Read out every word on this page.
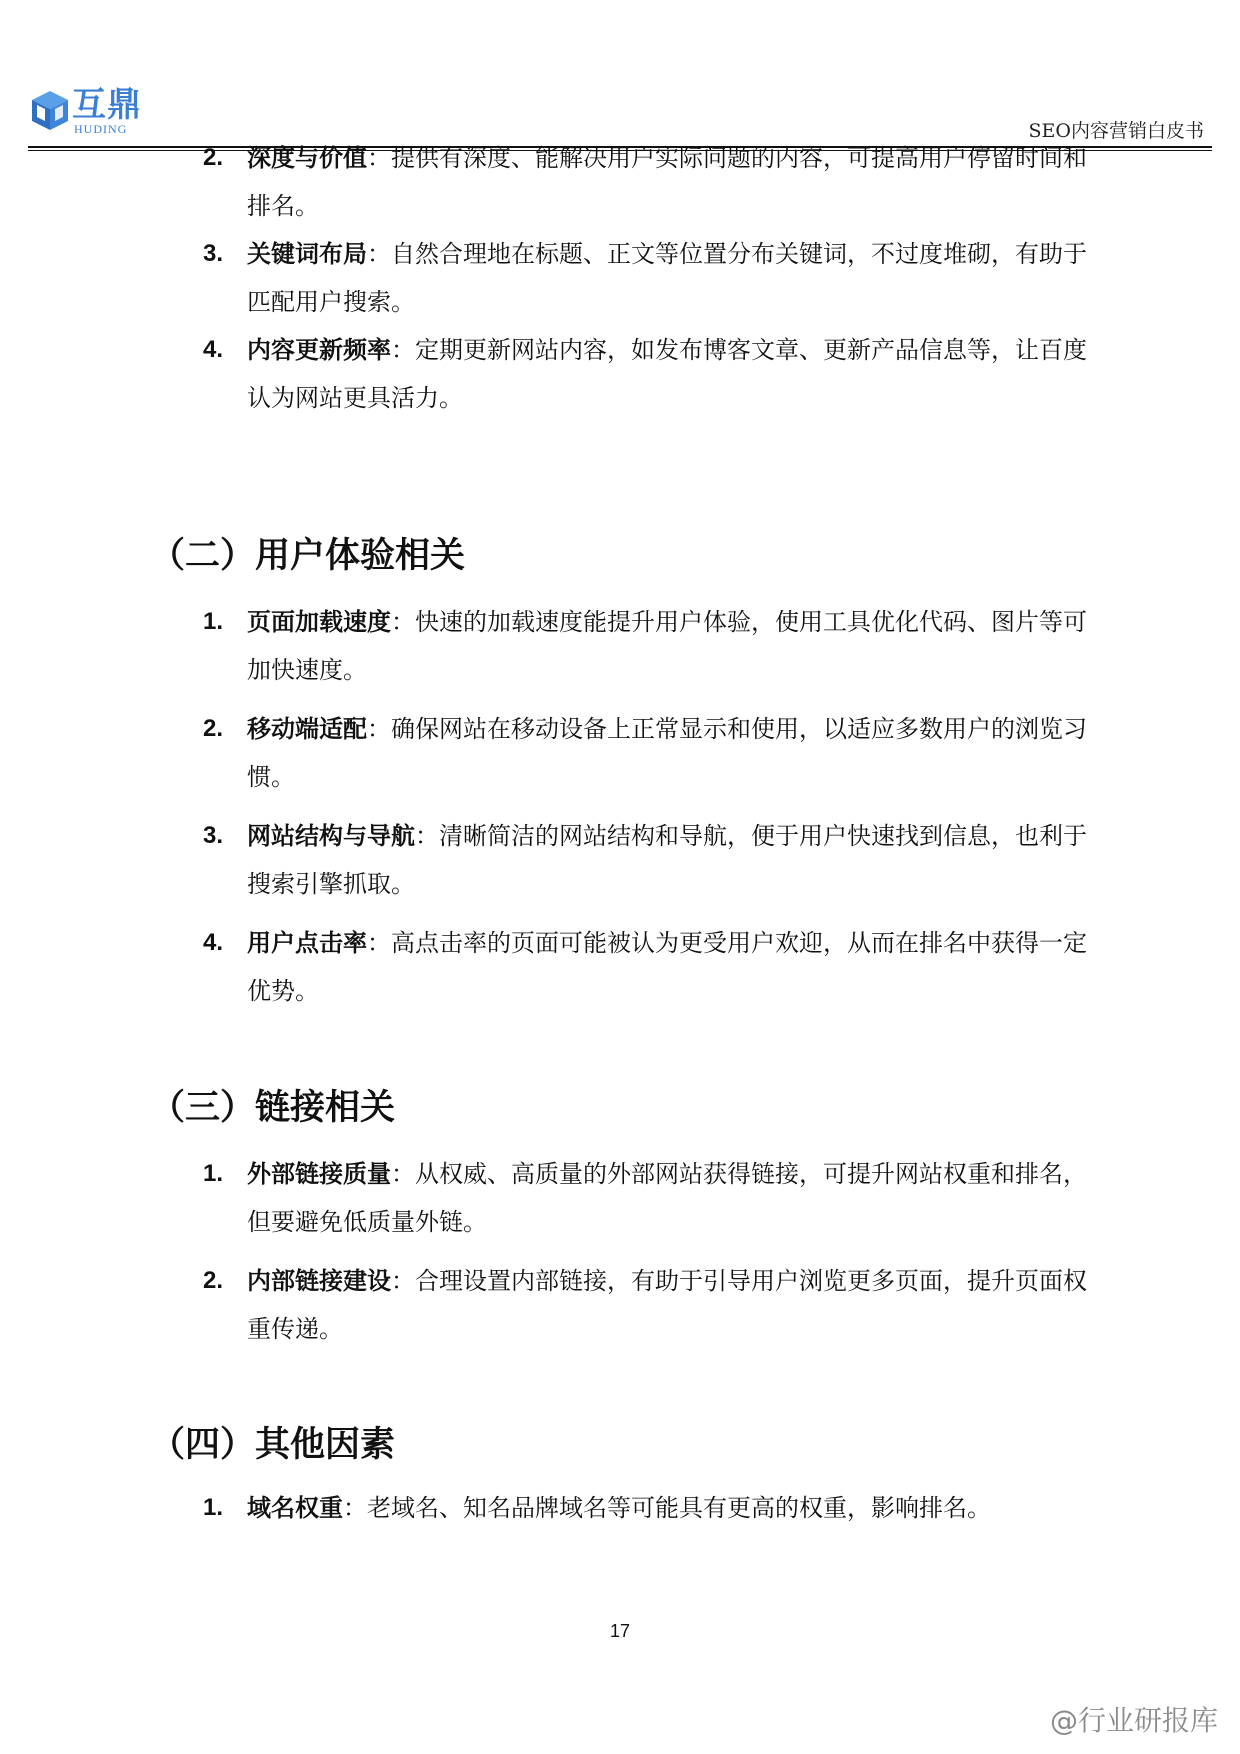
互鼎
HUDING	SEO内容营销白皮书
2. 深度与价值：提供有深度、能解决用户实际问题的内容，可提高用户停留时间和排名。
3. 关键词布局：自然合理地在标题、正文等位置分布关键词，不过度堆砌，有助于匹配用户搜索。
4. 内容更新频率：定期更新网站内容，如发布博客文章、更新产品信息等，让百度认为网站更具活力。
（二）用户体验相关
1. 页面加载速度：快速的加载速度能提升用户体验，使用工具优化代码、图片等可加快速度。
2. 移动端适配：确保网站在移动设备上正常显示和使用，以适应多数用户的浏览习惯。
3. 网站结构与导航：清晰简洁的网站结构和导航，便于用户快速找到信息，也利于搜索引擎抓取。
4. 用户点击率：高点击率的页面可能被认为更受用户欢迎，从而在排名中获得一定优势。
（三）链接相关
1. 外部链接质量：从权威、高质量的外部网站获得链接，可提升网站权重和排名，但要避免低质量外链。
2. 内部链接建设：合理设置内部链接，有助于引导用户浏览更多页面，提升页面权重传递。
（四）其他因素
1. 域名权重：老域名、知名品牌域名等可能具有更高的权重，影响排名。
17
@行业研报库
